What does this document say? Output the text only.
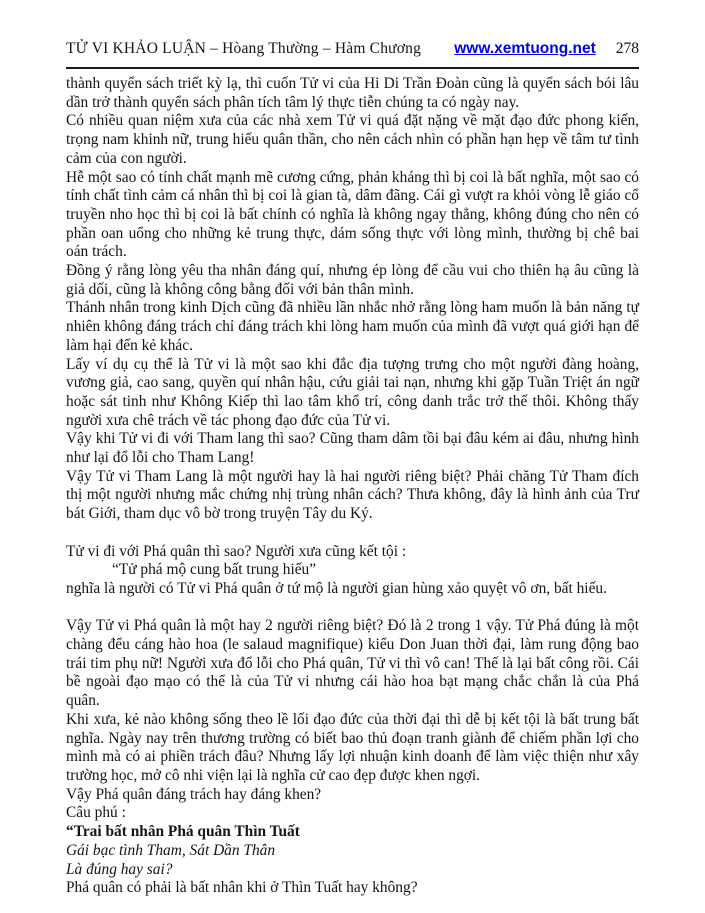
TỬ VI KHẢO LUẬN – Hòang Thường – Hàm Chương	www.xemtuong.net 278

thành quyển sách triết kỳ lạ, thì cuốn Tử vi của Hi Di Trần Đoàn cũng là quyển sách bói lâu dần trở thành quyển sách phân tích tâm lý thực tiễn chúng ta có ngày nay.

Có nhiều quan niệm xưa của các nhà xem Tử vi quá đặt nặng về mặt đạo đức phong kiến, trọng nam khinh nữ, trung hiếu quân thần, cho nên cách nhìn có phần hạn hẹp về tâm tư tình cảm của con người.

Hễ một sao có tính chất mạnh mẽ cương cứng, phản kháng thì bị coi là bất nghĩa, một sao có tính chất tình cảm cá nhân thì bị coi là gian tà, dâm đãng. Cái gì vượt ra khỏi vòng lễ giáo cổ truyền nho học thì bị coi là bất chính có nghĩa là không ngay thẳng, không đúng cho nên có phần oan uổng cho những kẻ trung thực, dám sống thực với lòng mình, thường bị chê bai oán trách.

Đồng ý rằng lòng yêu tha nhân đáng quí, nhưng ép lòng để cầu vui cho thiên hạ âu cũng là giả dối, cũng là không công bằng đối với bản thân mình.

Thánh nhân trong kinh Dịch cũng đã nhiều lần nhắc nhở rằng lòng ham muốn là bản năng tự nhiên không đáng trách chỉ đáng trách khi lòng ham muốn của mình đã vượt quá giới hạn để làm hại đến kẻ khác.

Lấy ví dụ cụ thể là Tử vi là một sao khi đắc địa tượng trưng cho một người đàng hoàng, vương giả, cao sang, quyền quí nhân hậu, cứu giải tai nạn, nhưng khi gặp Tuần Triệt án ngữ hoặc sát tinh như Không Kiếp thì lao tâm khổ trí, công danh trắc trở thế thôi. Không thấy người xưa chê trách về tác phong đạo đức của Tử vi.

Vậy khi Tử vi đi với Tham lang thì sao? Cũng tham dâm tồi bại đâu kém ai đâu, nhưng hình như lại đổ lỗi cho Tham Lang!

Vậy Tử vi Tham Lang là một người hay là hai người riêng biệt? Phải chăng Tử Tham đích thị một người nhưng mắc chứng nhị trùng nhân cách? Thưa không, đây là hình ảnh của Trư bát Giới, tham dục vô bờ trong truyện Tây du Ký.

Tử vi đi với Phá quân thì sao? Người xưa cũng kết tội :

“Tử phá mộ cung bất trung hiếu”

nghĩa là người có Tử vi Phá quân ở tứ mộ là người gian hùng xảo quyệt vô ơn, bất hiếu.

Vậy Tử vi Phá quân là một hay 2 người riêng biệt? Đó là 2 trong 1 vậy. Tử Phá đúng là một chàng đểu cáng hào hoa (le salaud magnifique) kiểu Don Juan thời đại, làm rung động bao trái tim phụ nữ! Người xưa đổ lỗi cho Phá quân, Tử vi thì vô can! Thế là lại bất công rồi. Cái bề ngoài đạo mạo có thể là của Tử vi nhưng cái hào hoa bạt mạng chắc chắn là của Phá quân.

Khi xưa, kẻ nào không sống theo lề lối đạo đức của thời đại thì dễ bị kết tội là bất trung bất nghĩa. Ngày nay trên thương trường có biết bao thủ đoạn tranh giành để chiếm phần lợi cho mình mà có ai phiền trách đâu? Nhưng lấy lợi nhuận kinh doanh để làm việc thiện như xây trường học, mở cô nhi viện lại là nghĩa cử cao đẹp được khen ngợi.

Vậy Phá quân đáng trách hay đáng khen?

Câu phú :

“Trai bất nhân Phá quân Thìn Tuất

Gái bạc tình Tham, Sát Dần Thân

Là đúng hay sai?

Phá quân có phải là bất nhân khi ở Thìn Tuất hay không?
